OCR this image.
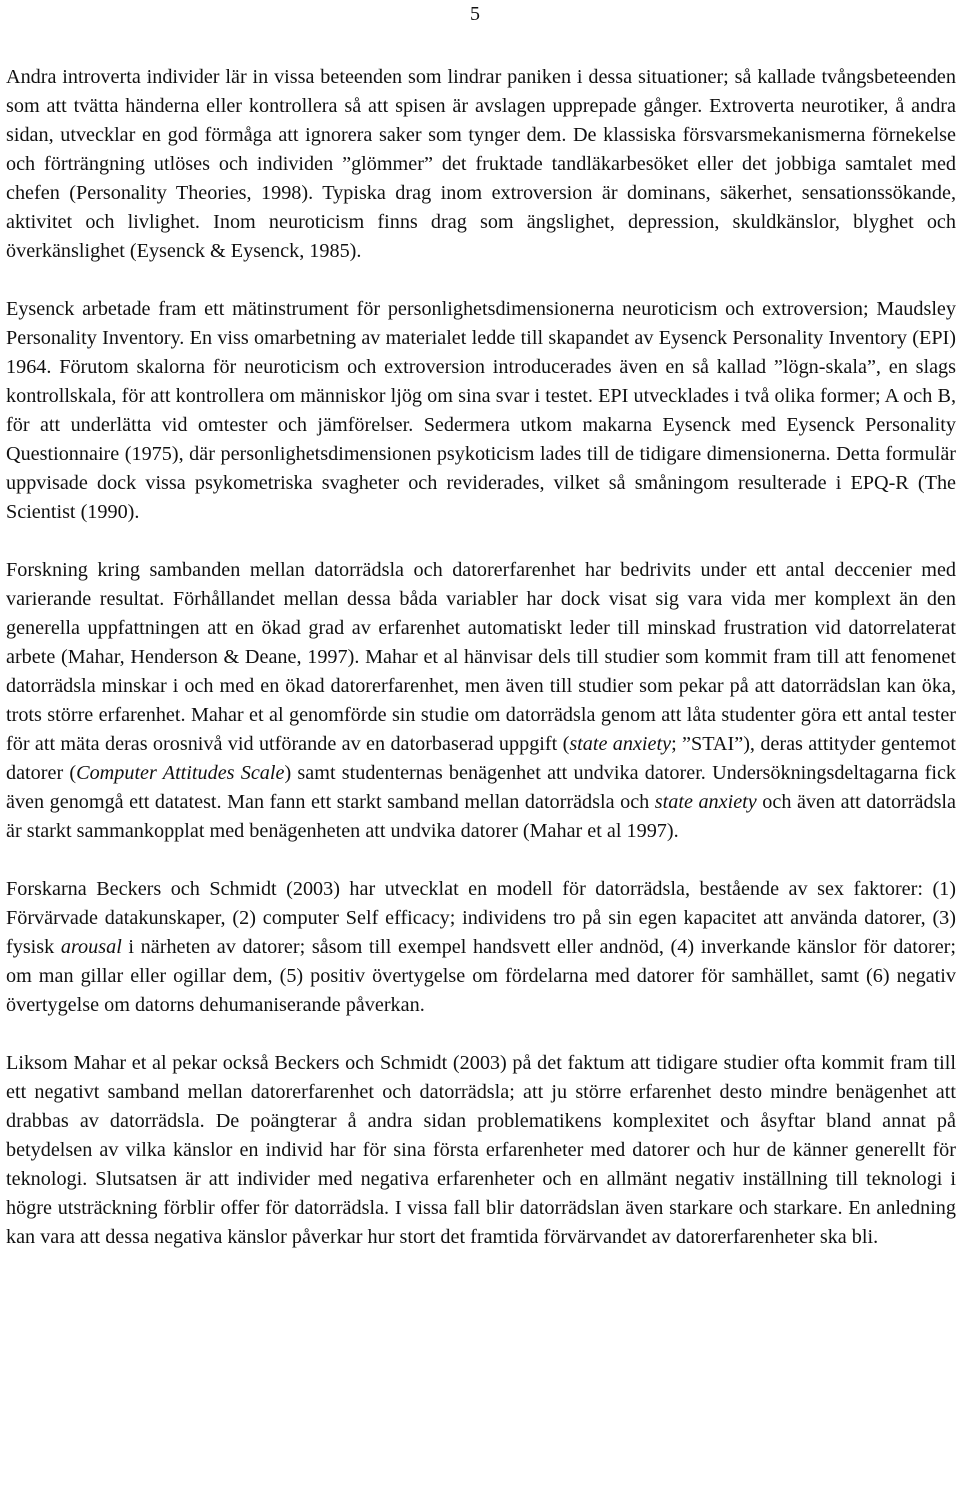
5

Andra introverta individer lär in vissa beteenden som lindrar paniken i dessa situationer; så kallade tvångsbeteenden som att tvätta händerna eller kontrollera så att spisen är avslagen upprepade gånger. Extroverta neurotiker, å andra sidan, utvecklar en god förmåga att ignorera saker som tynger dem. De klassiska försvarsmekanismerna förnekelse och förträngning utlöses och individen ”glömmer” det fruktade tandläkarbesöket eller det jobbiga samtalet med chefen (Personality Theories, 1998). Typiska drag inom extroversion är dominans, säkerhet, sensationssökande, aktivitet och livlighet. Inom neuroticism finns drag som ängslighet, depression, skuldkänslor, blyghet och överkänslighet (Eysenck & Eysenck, 1985).

Eysenck arbetade fram ett mätinstrument för personlighetsdimensionerna neuroticism och extroversion; Maudsley Personality Inventory. En viss omarbetning av materialet ledde till skapandet av Eysenck Personality Inventory (EPI) 1964. Förutom skalorna för neuroticism och extroversion introducerades även en så kallad ”lögn-skala”, en slags kontrollskala, för att kontrollera om människor ljög om sina svar i testet. EPI utvecklades i två olika former; A och B, för att underlätta vid omtester och jämförelser. Sedermera utkom makarna Eysenck med Eysenck Personality Questionnaire (1975), där personlighetsdimensionen psykoticism lades till de tidigare dimensionerna. Detta formulär uppvisade dock vissa psykometriska svagheter och reviderades, vilket så småningom resulterade i EPQ-R (The Scientist (1990).

Forskning kring sambanden mellan datorrädsla och datorerfarenhet har bedrivits under ett antal deccenier med varierande resultat. Förhållandet mellan dessa båda variabler har dock visat sig vara vida mer komplext än den generella uppfattningen att en ökad grad av erfarenhet automatiskt leder till minskad frustration vid datorrelaterat arbete (Mahar, Henderson & Deane, 1997). Mahar et al hänvisar dels till studier som kommit fram till att fenomenet datorrädsla minskar i och med en ökad datorerfarenhet, men även till studier som pekar på att datorrädslan kan öka, trots större erfarenhet. Mahar et al genomförde sin studie om datorrädsla genom att låta studenter göra ett antal tester för att mäta deras orosnivå vid utförande av en datorbaserad uppgift (state anxiety; ”STAI”), deras attityder gentemot datorer (Computer Attitudes Scale) samt studenternas benägenhet att undvika datorer. Undersökningsdeltagarna fick även genomgå ett datatest. Man fann ett starkt samband mellan datorrädsla och state anxiety och även att datorrädsla är starkt sammankopplat med benägenheten att undvika datorer (Mahar et al 1997).

Forskarna Beckers och Schmidt (2003) har utvecklat en modell för datorrädsla, bestående av sex faktorer: (1) Förvärvade datakunskaper, (2) computer Self efficacy; individens tro på sin egen kapacitet att använda datorer, (3) fysisk arousal i närheten av datorer; såsom till exempel handsvett eller andnöd, (4) inverkande känslor för datorer; om man gillar eller ogillar dem, (5) positiv övertygelse om fördelarna med datorer för samhället, samt (6) negativ övertygelse om datorns dehumaniserande påverkan.

Liksom Mahar et al pekar också Beckers och Schmidt (2003) på det faktum att tidigare studier ofta kommit fram till ett negativt samband mellan datorerfarenhet och datorrädsla; att ju större erfarenhet desto mindre benägenhet att drabbas av datorrädsla. De poängterar å andra sidan problematikens komplexitet och åsyftar bland annat på betydelsen av vilka känslor en individ har för sina första erfarenheter med datorer och hur de känner generellt för teknologi. Slutsatsen är att individer med negativa erfarenheter och en allmänt negativ inställning till teknologi i högre utsträckning förblir offer för datorrädsla. I vissa fall blir datorrädslan även starkare och starkare. En anledning kan vara att dessa negativa känslor påverkar hur stort det framtida förvärvandet av datorerfarenheter ska bli.
